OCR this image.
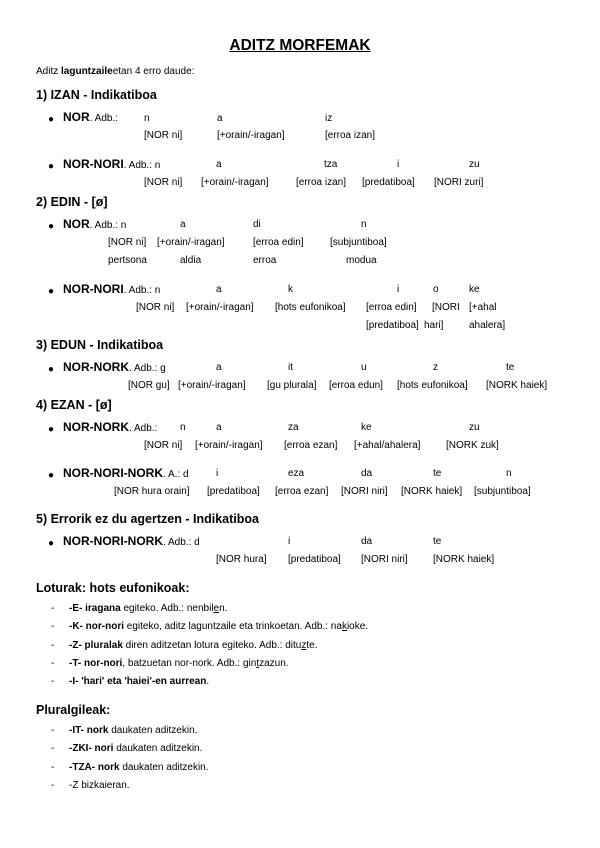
ADITZ MORFEMAK
Aditz laguntzaileetan 4 erro daude:
1) IZAN - Indikatiboa
● NOR. Adb.:	n	a	iz
[NOR ni]	[+orain/-iragan]	[erroa izan]
● NOR-NORI. Adb.: n	a	tza	i	zu
[NOR ni] [+orain/-iragan]	[erroa izan] [predatiboa] [NORI zuri]
2) EDIN - [ø]
● NOR. Adb.: n	a	di	n
[NOR ni] [+orain/-iragan]	[erroa edin]	[subjuntiboa]
pertsona	aldia	erroa	modua
● NOR-NORI. Adb.: n	a	k	i	o	ke
[NOR ni] [+orain/-iragan] [hots eufonikoa] [erroa edin] [NORI [+ahal
[predatiboa] hari]	ahalera]
3) EDUN - Indikatiboa
● NOR-NORK. Adb.: g	a	it	u	z	te
[NOR gu] [+orain/-iragan] [gu plurala] [erroa edun] [hots eufonikoa] [NORK haiek]
4) EZAN - [ø]
● NOR-NORK. Adb.: n	a	za	ke	zu
[NOR ni] [+orain/-iragan] [erroa ezan] [+ahal/ahalera]	[NORK zuk]
● NOR-NORI-NORK. A.: d	i	eza	da	te	n
[NOR hura orain] [predatiboa] [erroa ezan] [NORI niri] [NORK haiek] [subjuntiboa]
5) Errorik ez du agertzen - Indikatiboa
● NOR-NORI-NORK. Adb.: d	i	da	te
[NOR hura] [predatiboa] [NORI niri]	[NORK haiek]
Loturak: hots eufonikoak:
- -E- iragana egiteko. Adb.: nenbilen.
- -K- nor-nori egiteko, aditz laguntzaile eta trinkoetan. Adb.: nakioke.
- -Z- pluralak diren aditzetan lotura egiteko. Adb.: dituzte.
- -T- nor-nori, batzuetan nor-nork. Adb.: gintzazun.
- -I- 'hari' eta 'haiei'-en aurrean.
Pluralgileak:
- -IT- nork daukaten aditzekin.
- -ZKI- nori daukaten aditzekin.
- -TZA- nork daukaten aditzekin.
- -Z bizkaieran.
